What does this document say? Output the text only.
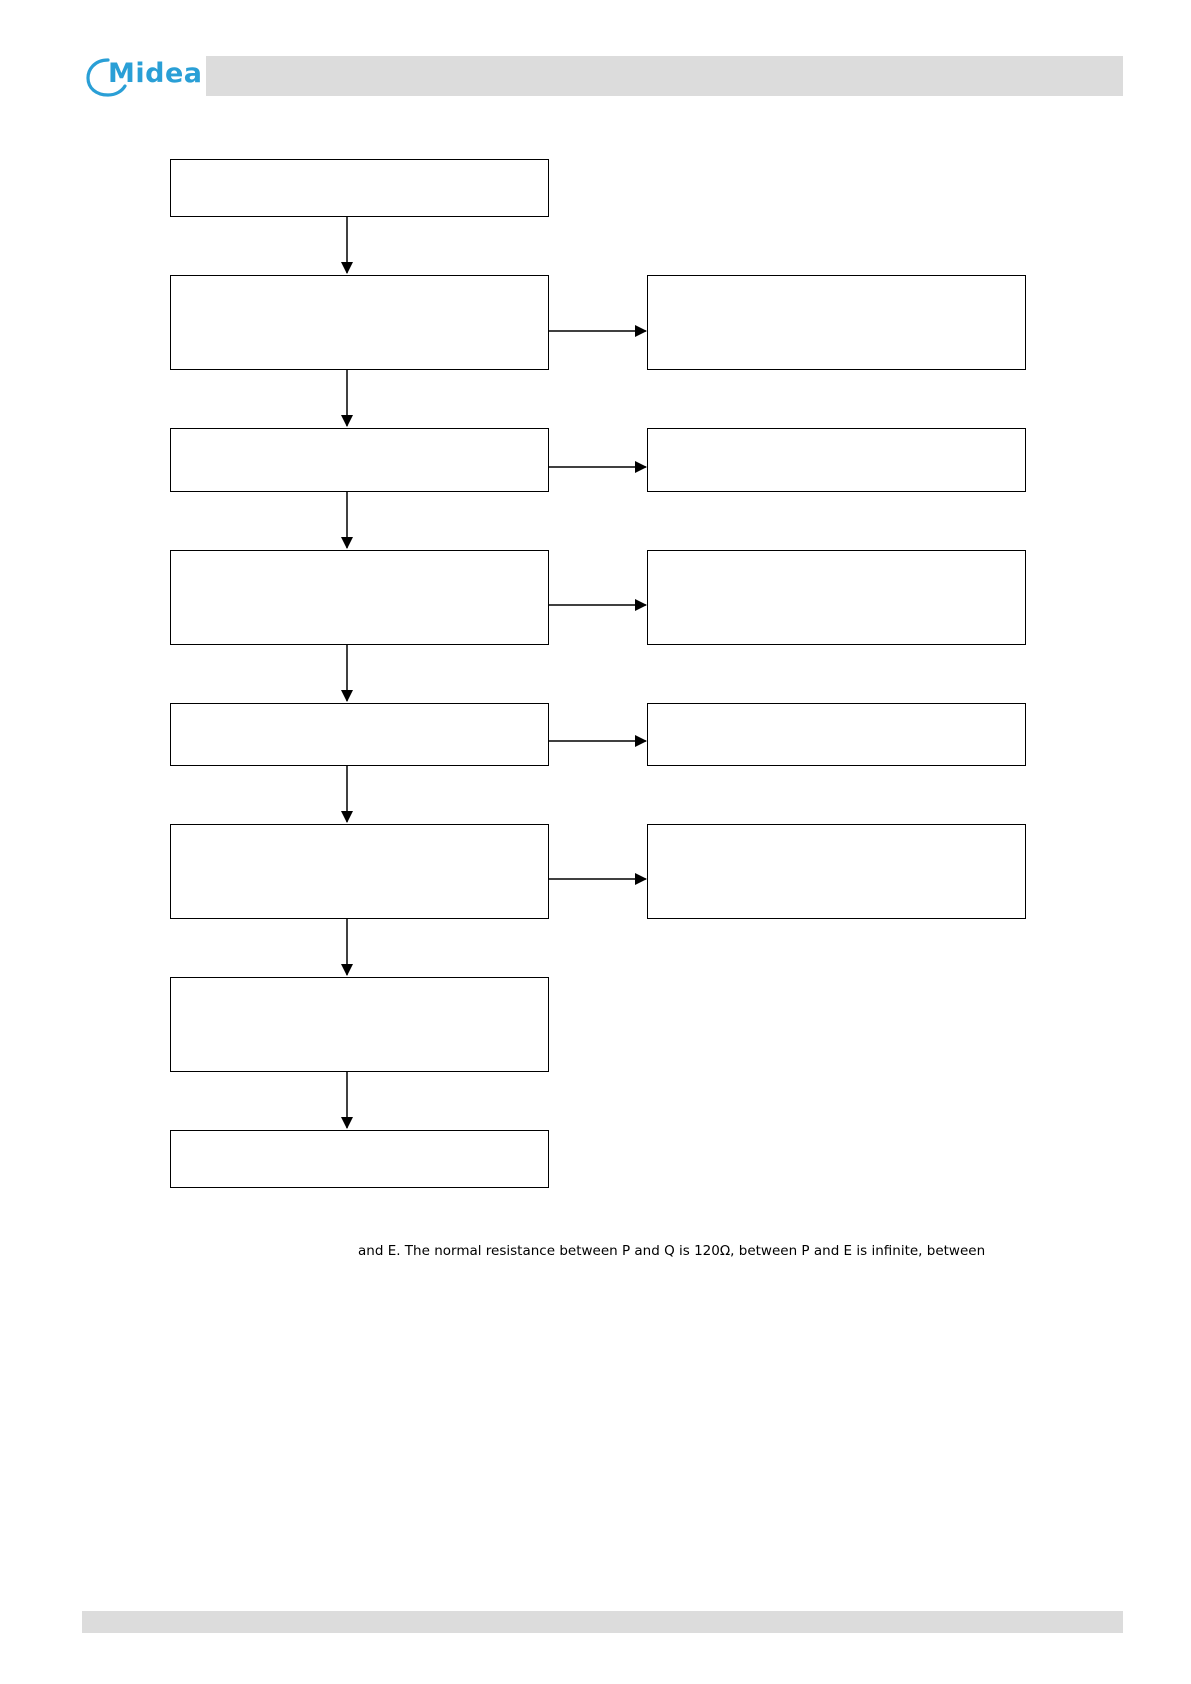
Midea
and E. The normal resistance between P and Q is 120Ω, between P and E is infinite, between
